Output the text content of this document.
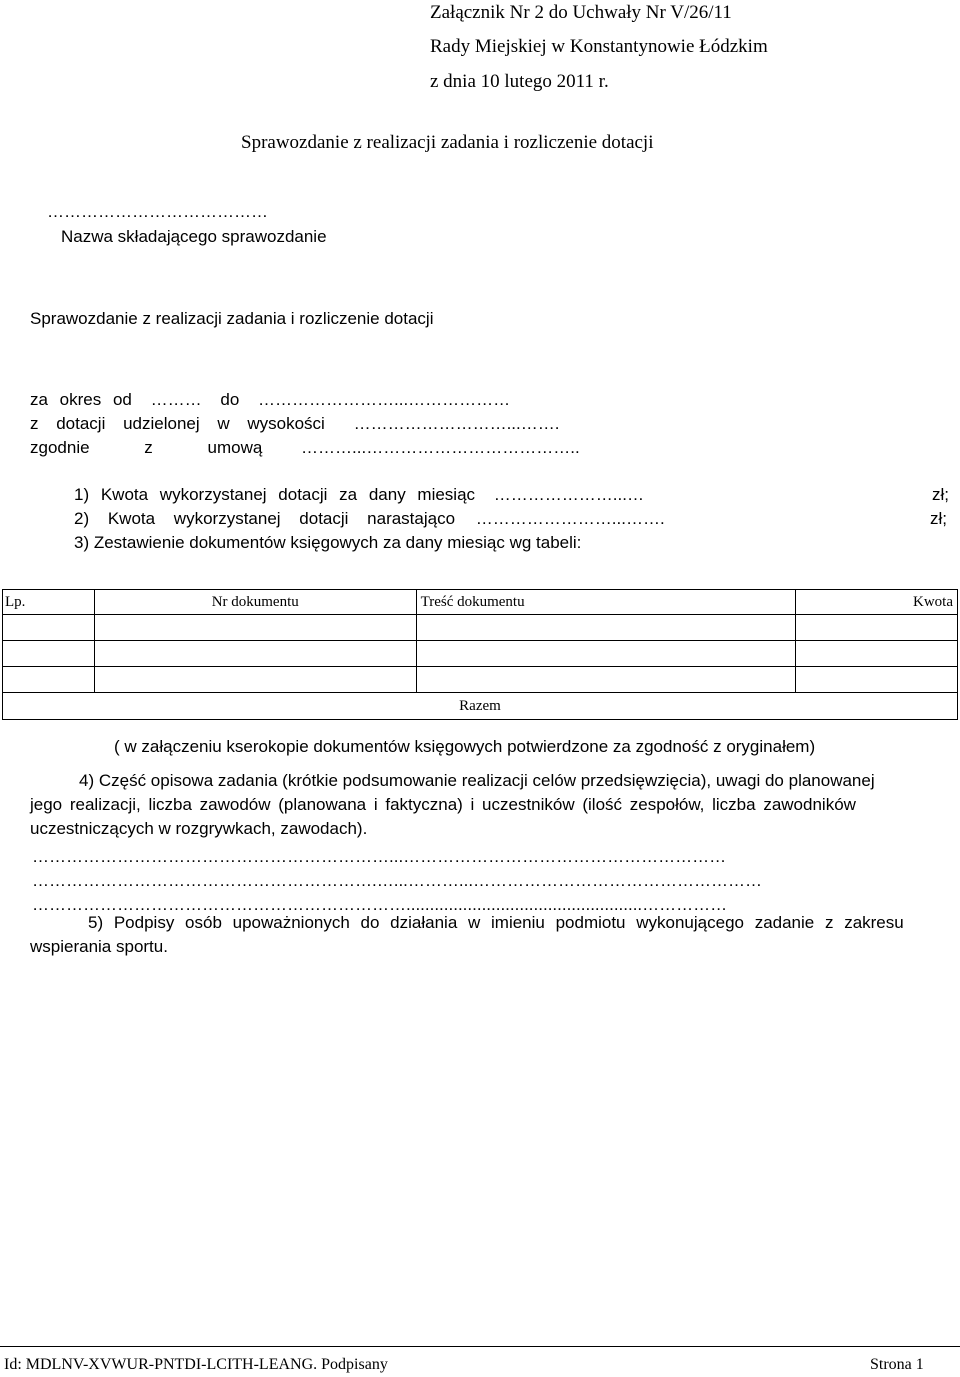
Załącznik Nr 2 do Uchwały Nr V/26/11
Rady Miejskiej w Konstantynowie Łódzkim
z dnia 10 lutego 2011 r.
Sprawozdanie z realizacji zadania i rozliczenie dotacji
…………………………………
Nazwa składającego sprawozdanie
Sprawozdanie z realizacji zadania i rozliczenie dotacji
za okres od ……… do ……………………...………………
z dotacji udzielonej w wysokości ………………………...…….
zgodnie z umową ………...………………………………..
1) Kwota wykorzystanej dotacji za dany miesiąc …………………...…	zł;
2) Kwota wykorzystanej dotacji narastająco ……………………...…….	zł;
3) Zestawienie dokumentów księgowych za dany miesiąc wg tabeli:
Lp.	Nr dokumentu	Treść dokumentu	Kwota

Razem			
( w załączeniu kserokopie dokumentów księgowych potwierdzone za zgodność z oryginałem)
4) Część opisowa zadania (krótkie podsumowanie realizacji celów przedsięwzięcia), uwagi do planowanej
jego realizacji, liczba zawodów (planowana i faktyczna) i uczestników (ilość zespołów, liczba zawodników
uczestniczących w rozgrywkach, zawodach).
………………………………………………………...…………………………………………………
…………………………………………………….…...………...……………………………………………
…………………………………………………………..................................................……………
5) Podpisy osób upoważnionych do działania w imieniu podmiotu wykonującego zadanie z zakresu
wspierania sportu.
Id: MDLNV-XVWUR-PNTDI-LCITH-LEANG. Podpisany	Strona 1
